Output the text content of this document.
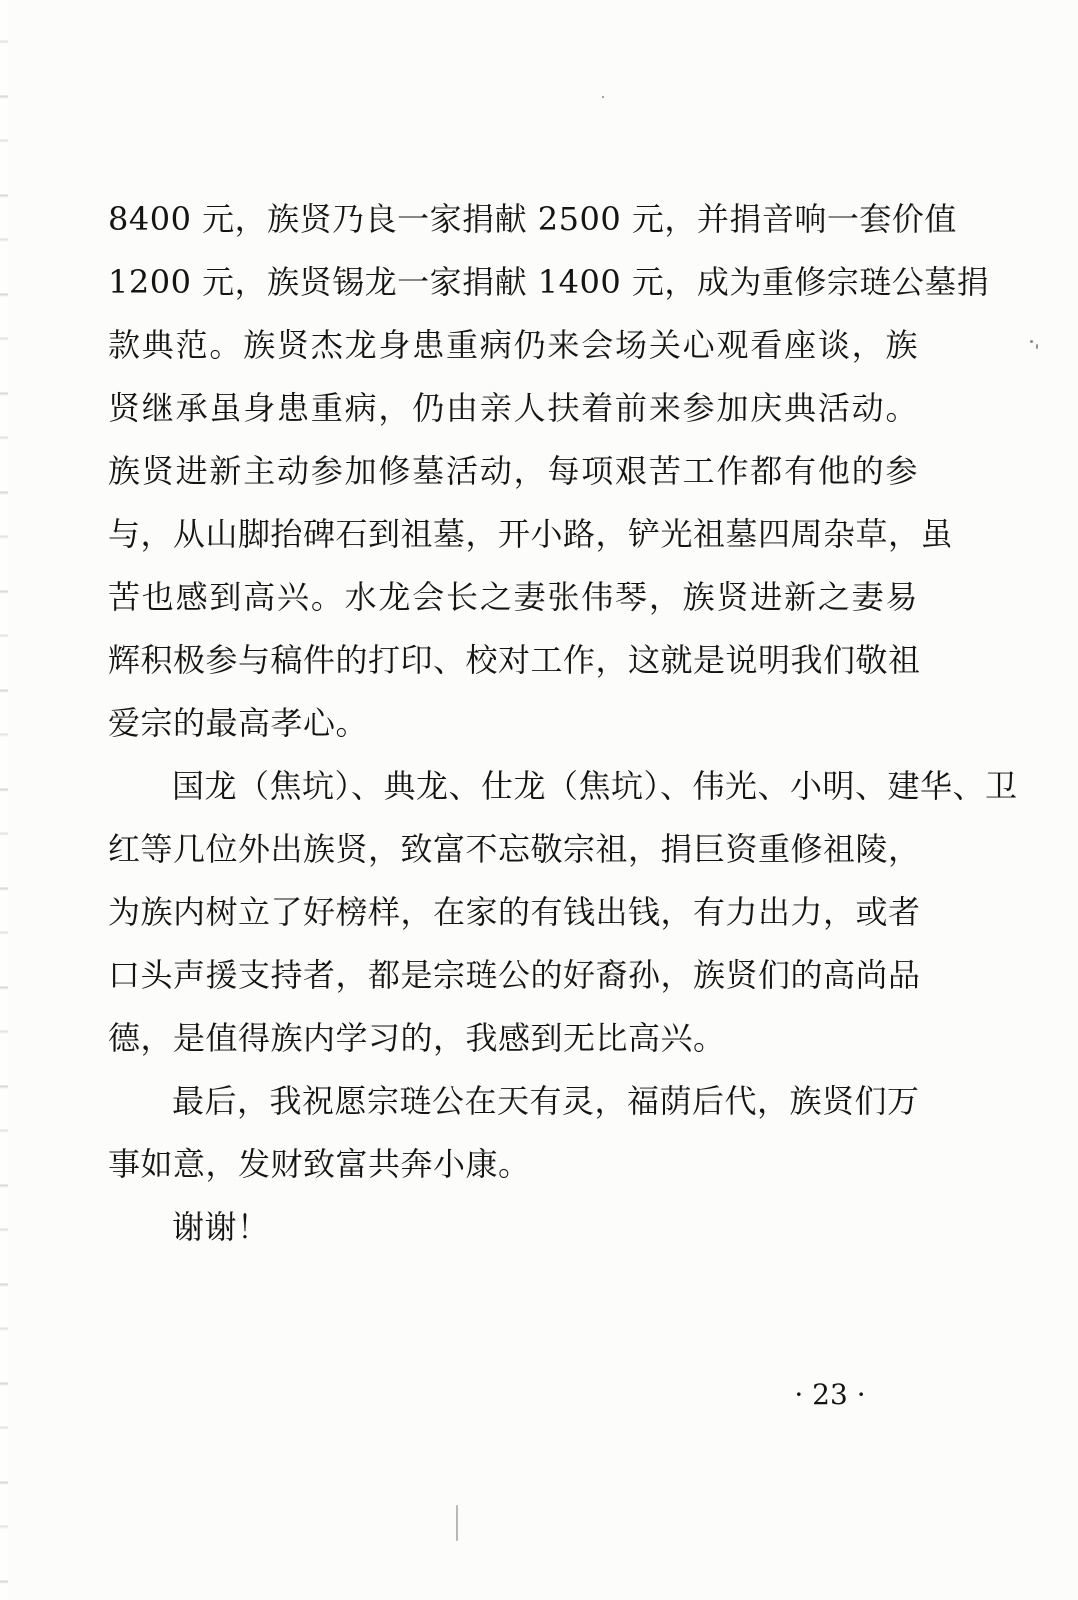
8400 元，族贤乃良一家捐献 2500 元，并捐音响一套价值
1200 元，族贤锡龙一家捐献 1400 元，成为重修宗琏公墓捐
款典范。族贤杰龙身患重病仍来会场关心观看座谈，族
贤继承虽身患重病，仍由亲人扶着前来参加庆典活动。
族贤进新主动参加修墓活动，每项艰苦工作都有他的参
与，从山脚抬碑石到祖墓，开小路，铲光祖墓四周杂草，虽
苦也感到高兴。水龙会长之妻张伟琴，族贤进新之妻易
辉积极参与稿件的打印、校对工作，这就是说明我们敬祖
爱宗的最高孝心。
国龙（焦坑）、典龙、仕龙（焦坑）、伟光、小明、建华、卫
红等几位外出族贤，致富不忘敬宗祖，捐巨资重修祖陵，
为族内树立了好榜样，在家的有钱出钱，有力出力，或者
口头声援支持者，都是宗琏公的好裔孙，族贤们的高尚品
德，是值得族内学习的，我感到无比高兴。
最后，我祝愿宗琏公在天有灵，福荫后代，族贤们万
事如意，发财致富共奔小康。
谢谢！
· 23 ·
